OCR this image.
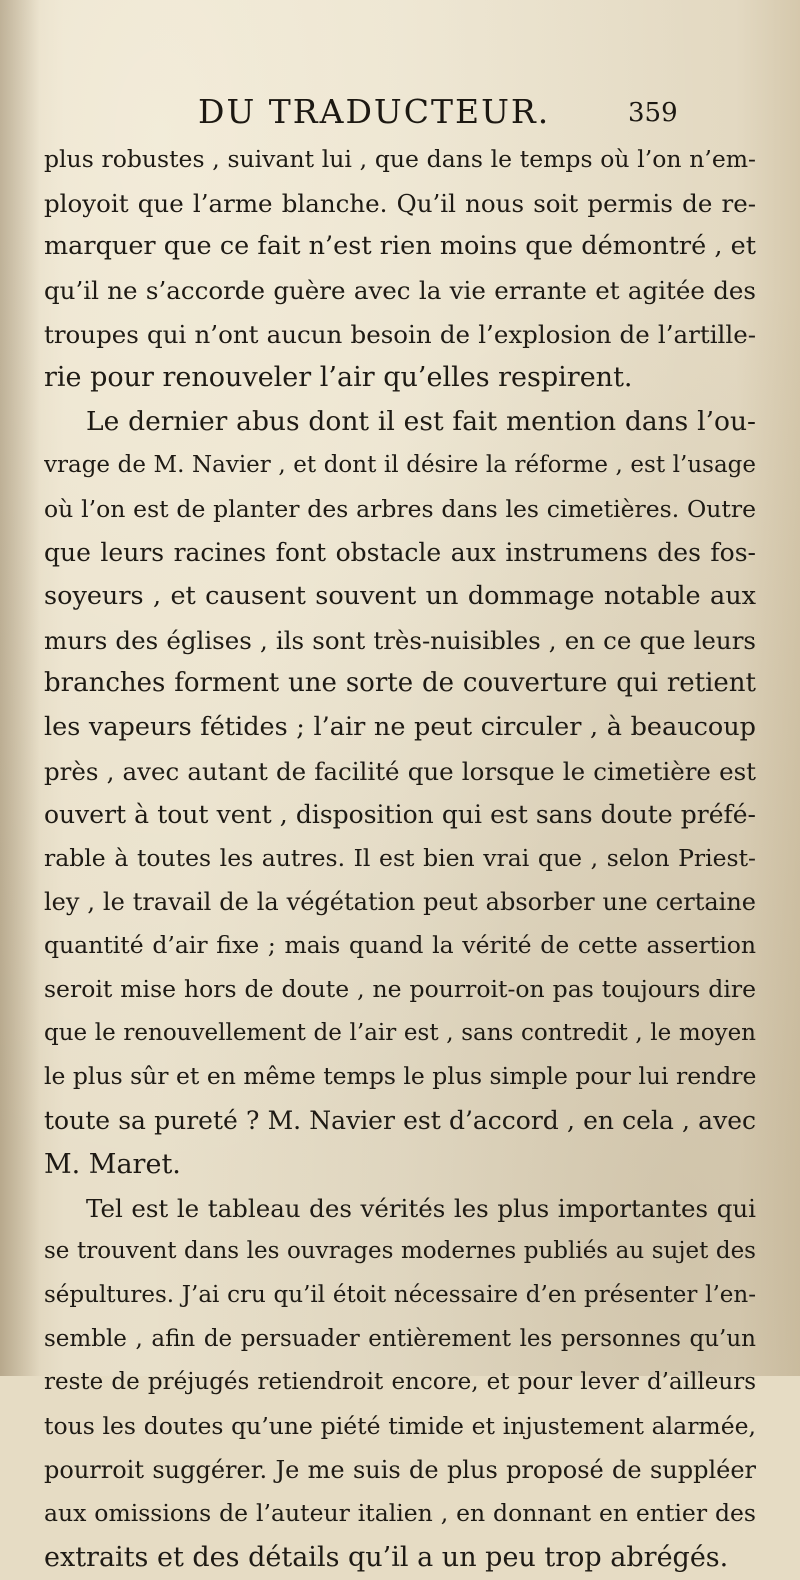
DU TRADUCTEUR.	359
plus robustes , suivant lui , que dans le temps où l’on n’em-
ployoit que l’arme blanche. Qu’il nous soit permis de re-
marquer que ce fait n’est rien moins que démontré , et
qu’il ne s’accorde guère avec la vie errante et agitée des
troupes qui n’ont aucun besoin de l’explosion de l’artille-
rie pour renouveler l’air qu’elles respirent.
Le dernier abus dont il est fait mention dans l’ou-
vrage de M. Navier , et dont il désire la réforme , est l’usage
où l’on est de planter des arbres dans les cimetières. Outre
que leurs racines font obstacle aux instrumens des fos-
soyeurs , et causent souvent un dommage notable aux
murs des églises , ils sont très-nuisibles , en ce que leurs
branches forment une sorte de couverture qui retient
les vapeurs fétides ; l’air ne peut circuler , à beaucoup
près , avec autant de facilité que lorsque le cimetière est
ouvert à tout vent , disposition qui est sans doute préfé-
rable à toutes les autres. Il est bien vrai que , selon Priest-
ley , le travail de la végétation peut absorber une certaine
quantité d’air fixe ; mais quand la vérité de cette assertion
seroit mise hors de doute , ne pourroit-on pas toujours dire
que le renouvellement de l’air est , sans contredit , le moyen
le plus sûr et en même temps le plus simple pour lui rendre
toute sa pureté ? M. Navier est d’accord , en cela , avec
M. Maret.
Tel est le tableau des vérités les plus importantes qui
se trouvent dans les ouvrages modernes publiés au sujet des
sépultures. J’ai cru qu’il étoit nécessaire d’en présenter l’en-
semble , afin de persuader entièrement les personnes qu’un
reste de préjugés retiendroit encore, et pour lever d’ailleurs
tous les doutes qu’une piété timide et injustement alarmée,
pourroit suggérer. Je me suis de plus proposé de suppléer
aux omissions de l’auteur italien , en donnant en entier des
extraits et des détails qu’il a un peu trop abrégés.
